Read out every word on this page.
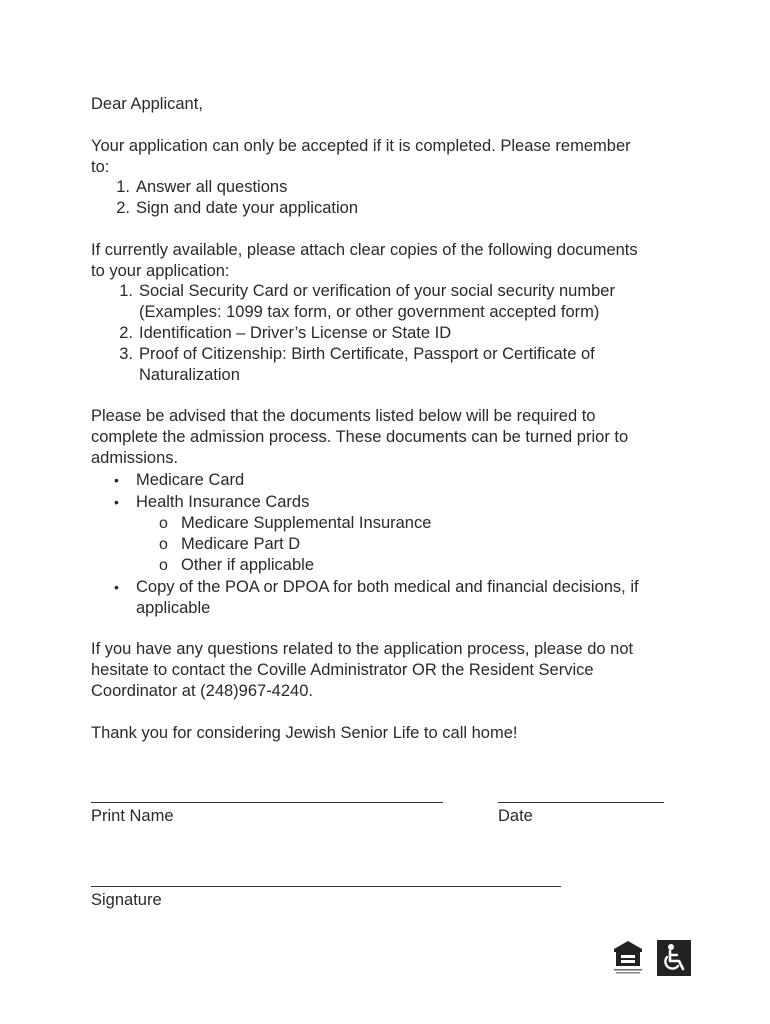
Dear Applicant,

Your application can only be accepted if it is completed. Please remember

to:

1. Answer all questions

2. Sign and date your application

If currently available, please attach clear copies of the following documents

to your application:

1. Social Security Card or verification of your social security number

(Examples: 1099 tax form, or other government accepted form)

2. Identification – Driver’s License or State ID

3. Proof of Citizenship: Birth Certificate, Passport or Certificate of

Naturalization

Please be advised that the documents listed below will be required to

complete the admission process. These documents can be turned prior to

admissions.

• Medicare Card

• Health Insurance Cards

o Medicare Supplemental Insurance

o Medicare Part D

o Other if applicable

• Copy of the POA or DPOA for both medical and financial decisions, if

applicable

If you have any questions related to the application process, please do not

hesitate to contact the Coville Administrator OR the Resident Service

Coordinator at (248)967-4240.

Thank you for considering Jewish Senior Life to call home!

Print Name	Date

Signature
